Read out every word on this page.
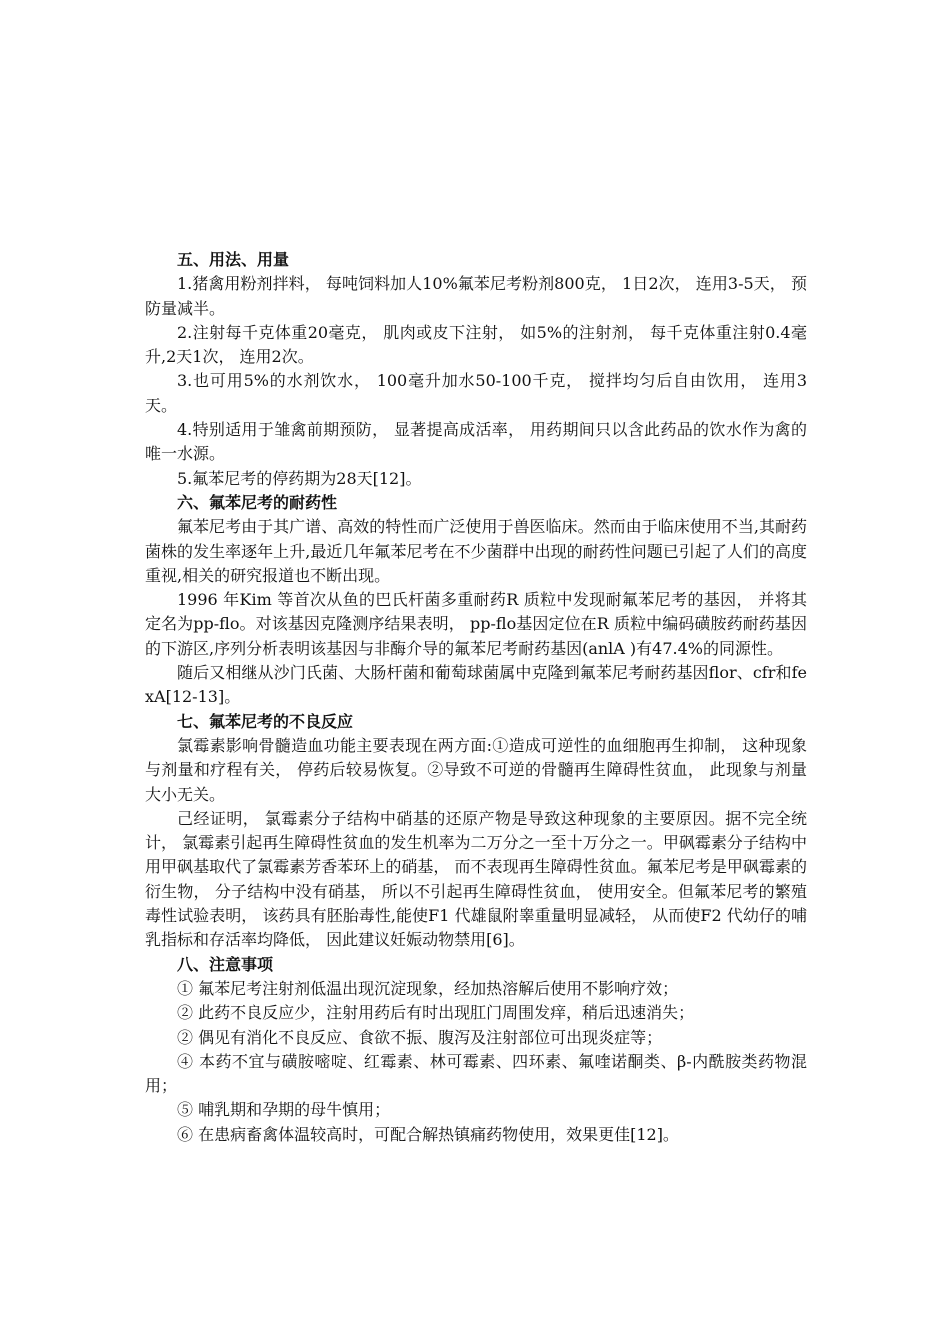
五、用法、用量

1.猪禽用粉剂拌料， 每吨饲料加人10%氟苯尼考粉剂800克， 1日2次， 连用3-5天， 预防量减半。

2.注射每千克体重20毫克， 肌肉或皮下注射， 如5%的注射剂， 每千克体重注射0.4毫升,2天1次， 连用2次。

3.也可用5%的水剂饮水， 100毫升加水50-100千克， 搅拌均匀后自由饮用， 连用3天。

4.特别适用于雏禽前期预防， 显著提高成活率， 用药期间只以含此药品的饮水作为禽的唯一水源。

5.氟苯尼考的停药期为28天[12]。

六、氟苯尼考的耐药性

氟苯尼考由于其广谱、高效的特性而广泛使用于兽医临床。然而由于临床使用不当,其耐药菌株的发生率逐年上升,最近几年氟苯尼考在不少菌群中出现的耐药性问题已引起了人们的高度重视,相关的研究报道也不断出现。

1996 年Kim 等首次从鱼的巴氏杆菌多重耐药R 质粒中发现耐氟苯尼考的基因， 并将其定名为pp-flo。对该基因克隆测序结果表明， pp-flo基因定位在R 质粒中编码磺胺药耐药基因的下游区,序列分析表明该基因与非酶介导的氟苯尼考耐药基因(anlA )有47.4%的同源性。

随后又相继从沙门氏菌、大肠杆菌和葡萄球菌属中克隆到氟苯尼考耐药基因flor、cfr和fexA[12-13]。

七、氟苯尼考的不良反应

氯霉素影响骨髓造血功能主要表现在两方面:①造成可逆性的血细胞再生抑制， 这种现象与剂量和疗程有关， 停药后较易恢复。②导致不可逆的骨髓再生障碍性贫血， 此现象与剂量大小无关。

己经证明， 氯霉素分子结构中硝基的还原产物是导致这种现象的主要原因。据不完全统计， 氯霉素引起再生障碍性贫血的发生机率为二万分之一至十万分之一。甲砜霉素分子结构中用甲砜基取代了氯霉素芳香苯环上的硝基， 而不表现再生障碍性贫血。氟苯尼考是甲砜霉素的衍生物， 分子结构中没有硝基， 所以不引起再生障碍性贫血， 使用安全。但氟苯尼考的繁殖毒性试验表明， 该药具有胚胎毒性,能使F1 代雄鼠附睾重量明显减轻， 从而使F2 代幼仔的哺乳指标和存活率均降低， 因此建议妊娠动物禁用[6]。

八、注意事项

① 氟苯尼考注射剂低温出现沉淀现象，经加热溶解后使用不影响疗效；

② 此药不良反应少，注射用药后有时出现肛门周围发痒，稍后迅速消失；

② 偶见有消化不良反应、食欲不振、腹泻及注射部位可出现炎症等；

④ 本药不宜与磺胺嘧啶、红霉素、林可霉素、四环素、氟喹诺酮类、β-内酰胺类药物混用；

⑤ 哺乳期和孕期的母牛慎用；

⑥ 在患病畜禽体温较高时，可配合解热镇痛药物使用，效果更佳[12]。
